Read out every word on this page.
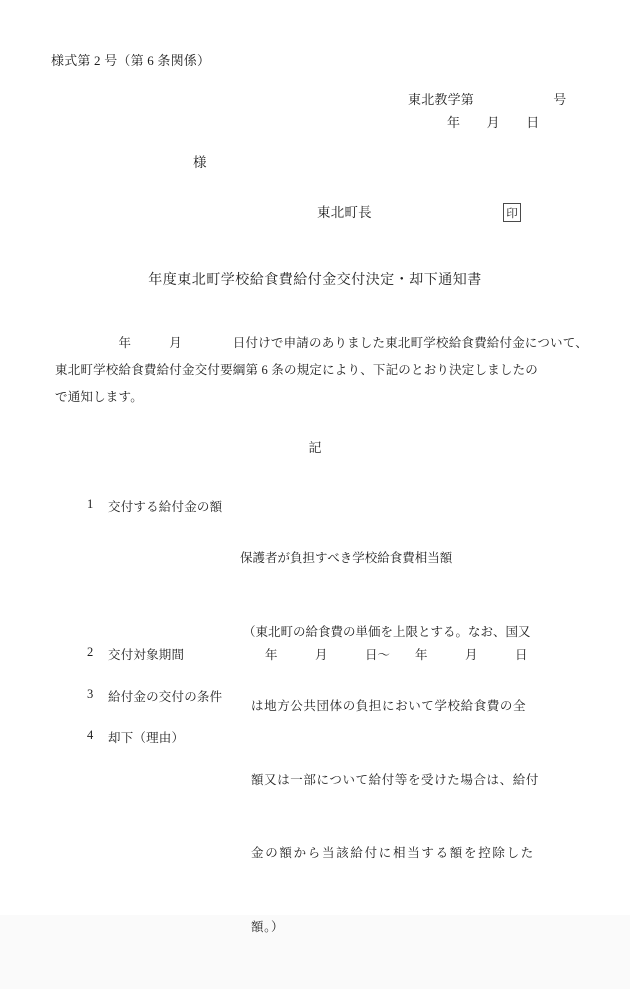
様式第 2 号（第 6 条関係）
東北教学第　　　　　　号
年　　月　　日
様
東北町長	印
年度東北町学校給食費給付金交付決定・却下通知書
　　　　　年　　　月　　　　日付けで申請のありました東北町学校給食費給付金について、
東北町学校給食費給付金交付要綱第 6 条の規定により、下記のとおり決定しましたの
で通知します。
記
1 交付する給付金の額

保護者が負担すべき学校給食費相当額

（東北町の給食費の単価を上限とする。なお、国又

は地方公共団体の負担において学校給食費の全

額又は一部について給付等を受けた場合は、給付

金の額から当該給付に相当する額を控除した

額。）

2 交付対象期間	年　　　月　　　日～　　年　　　月　　　日
3 給付金の交付の条件
4 却下（理由）
